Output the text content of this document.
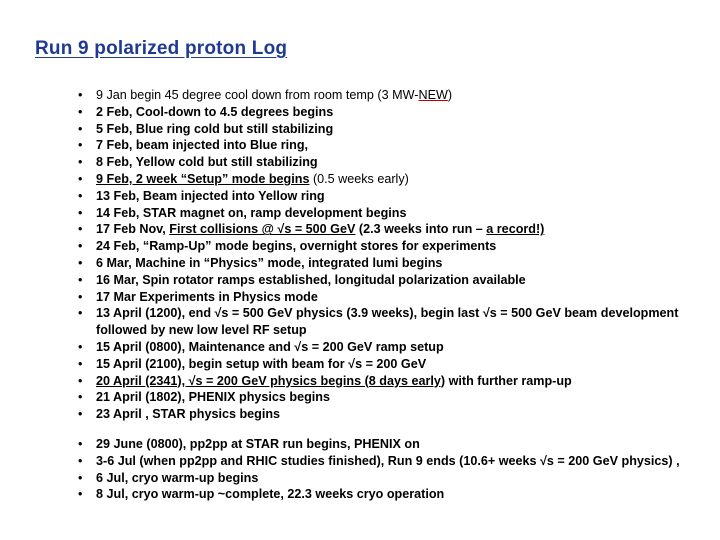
Run 9 polarized proton Log
• 9 Jan begin 45 degree cool down from room temp (3 MW-NEW)
• 2 Feb, Cool-down to 4.5 degrees begins
• 5 Feb, Blue ring cold but still stabilizing
• 7 Feb, beam injected into Blue ring,
• 8 Feb, Yellow cold but still stabilizing
• 9 Feb, 2 week “Setup” mode begins (0.5 weeks early)
• 13 Feb, Beam injected into Yellow ring
• 14 Feb, STAR magnet on, ramp development begins
• 17 Feb Nov, First collisions @ √s = 500 GeV (2.3 weeks into run – a record!)
• 24 Feb, “Ramp-Up” mode begins, overnight stores for experiments
• 6 Mar, Machine in “Physics” mode, integrated lumi begins
• 16 Mar, Spin rotator ramps established, longitudal polarization available
• 17 Mar Experiments in Physics mode
• 13 April (1200), end √s = 500 GeV physics (3.9 weeks), begin last √s = 500 GeV beam development followed by new low level RF setup
• 15 April (0800), Maintenance and √s = 200 GeV ramp setup
• 15 April (2100), begin setup with beam for √s = 200 GeV
• 20 April (2341), √s = 200 GeV physics begins (8 days early) with further ramp-up
• 21 April (1802), PHENIX physics begins
• 23 April , STAR physics begins
• 29 June (0800), pp2pp at STAR run begins, PHENIX on
• 3-6 Jul (when pp2pp and RHIC studies finished), Run 9 ends (10.6+ weeks √s = 200 GeV physics) ,
• 6 Jul, cryo warm-up begins
• 8 Jul, cryo warm-up ~complete, 22.3 weeks cryo operation
